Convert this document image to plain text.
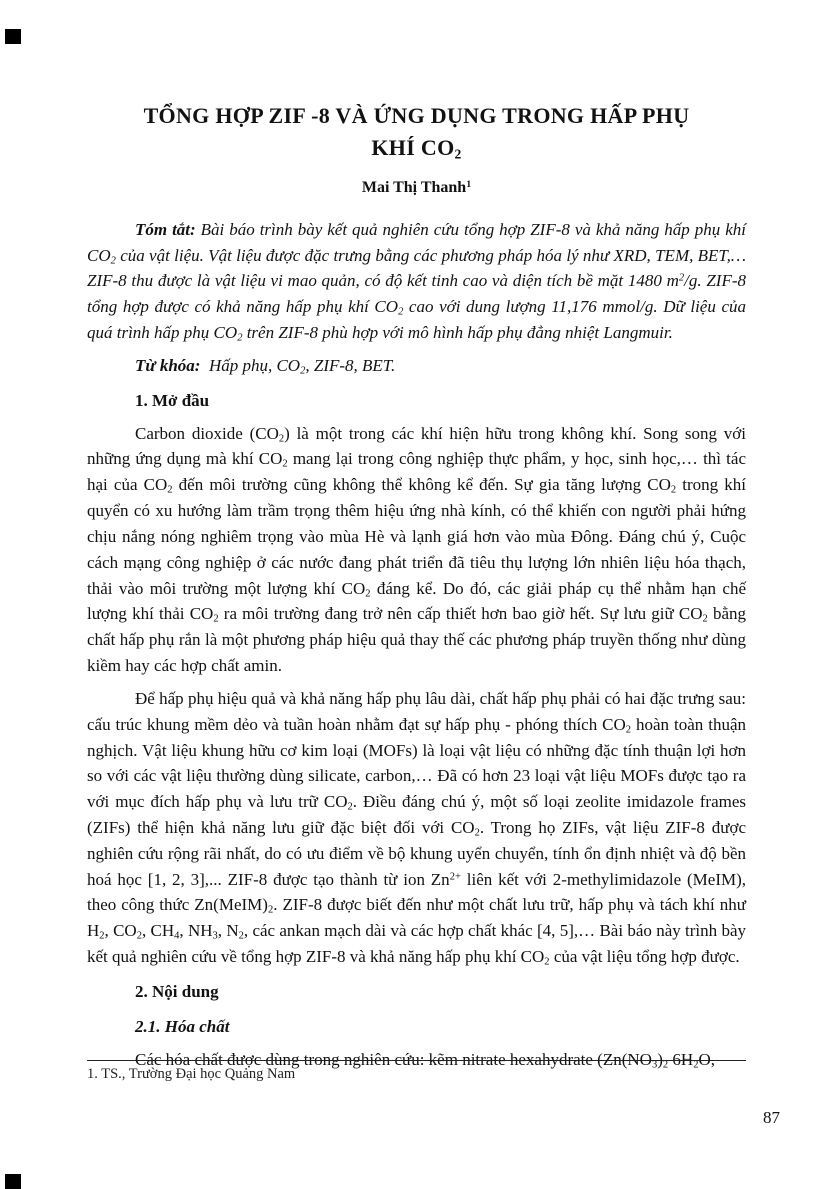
TỔNG HỢP ZIF -8 VÀ ỨNG DỤNG TRONG HẤP PHỤ
KHÍ $CO_2$
Mai Thị Thanh$^1$

Tóm tắt: Bài báo trình bày kết quả nghiên cứu tổng hợp ZIF-8 và khả năng hấp phụ khí $CO_2$ của vật liệu. Vật liệu được đặc trưng bằng các phương pháp hóa lý như XRD, TEM, BET,… ZIF-8 thu được là vật liệu vi mao quản, có độ kết tinh cao và diện tích bề mặt 1480 $m^2/g$. ZIF-8 tổng hợp được có khả năng hấp phụ khí $CO_2$ cao với dung lượng 11,176 mmol/g. Dữ liệu của quá trình hấp phụ $CO_2$ trên ZIF-8 phù hợp với mô hình hấp phụ đẳng nhiệt Langmuir.

Từ khóa: Hấp phụ, $CO_2$, ZIF-8, BET.

1. Mở đầu

Carbon dioxide $(CO_2)$ là một trong các khí hiện hữu trong không khí. Song song với những ứng dụng mà khí $CO_2$ mang lại trong công nghiệp thực phẩm, y học, sinh học,… thì tác hại của $CO_2$ đến môi trường cũng không thể không kể đến. Sự gia tăng lượng $CO_2$ trong khí quyển có xu hướng làm trầm trọng thêm hiệu ứng nhà kính, có thể khiến con người phải hứng chịu nắng nóng nghiêm trọng vào mùa Hè và lạnh giá hơn vào mùa Đông. Đáng chú ý, Cuộc cách mạng công nghiệp ở các nước đang phát triển đã tiêu thụ lượng lớn nhiên liệu hóa thạch, thải vào môi trường một lượng khí $CO_2$ đáng kể. Do đó, các giải pháp cụ thể nhằm hạn chế lượng khí thải $CO_2$ ra môi trường đang trở nên cấp thiết hơn bao giờ hết. Sự lưu giữ $CO_2$ bằng chất hấp phụ rắn là một phương pháp hiệu quả thay thế các phương pháp truyền thống như dùng kiềm hay các hợp chất amin.

Để hấp phụ hiệu quả và khả năng hấp phụ lâu dài, chất hấp phụ phải có hai đặc trưng sau: cấu trúc khung mềm dẻo và tuần hoàn nhằm đạt sự hấp phụ - phóng thích $CO_2$ hoàn toàn thuận nghịch. Vật liệu khung hữu cơ kim loại (MOFs) là loại vật liệu có những đặc tính thuận lợi hơn so với các vật liệu thường dùng silicate, carbon,… Đã có hơn 23 loại vật liệu MOFs được tạo ra với mục đích hấp phụ và lưu trữ $CO_2$. Điều đáng chú ý, một số loại zeolite imidazole frames (ZIFs) thể hiện khả năng lưu giữ đặc biệt đối với $CO_2$. Trong họ ZIFs, vật liệu ZIF-8 được nghiên cứu rộng rãi nhất, do có ưu điểm về bộ khung uyển chuyển, tính ổn định nhiệt và độ bền hoá học [1, 2, 3],... ZIF-8 được tạo thành từ ion $Zn^{2+}$ liên kết với 2-methylimidazole (MeIM), theo công thức $Zn(MeIM)_2$. ZIF-8 được biết đến như một chất lưu trữ, hấp phụ và tách khí như $H_2$, $CO_2$, $CH_4$, $NH_3$, $N_2$, các ankan mạch dài và các hợp chất khác [4, 5],… Bài báo này trình bày kết quả nghiên cứu về tổng hợp ZIF-8 và khả năng hấp phụ khí $CO_2$ của vật liệu tổng hợp được.

2. Nội dung
2.1. Hóa chất

Các hóa chất được dùng trong nghiên cứu: kẽm nitrate hexahydrate ($Zn(NO_3)_2$ $6H_2O$,

1. TS., Trường Đại học Quảng Nam
87
